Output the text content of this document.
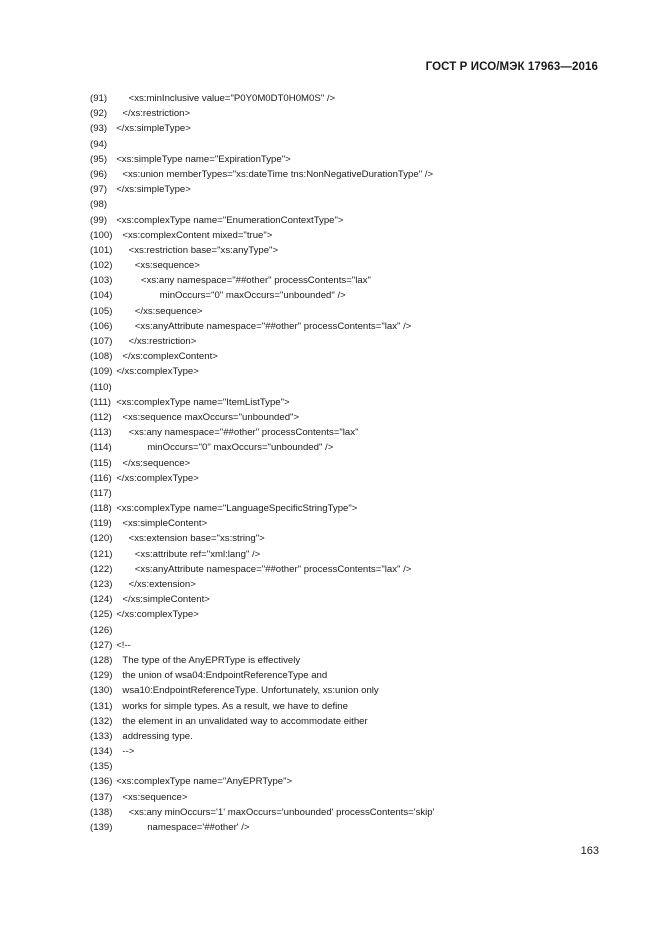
ГОСТ Р ИСО/МЭК 17963—2016
(91) <xs:minInclusive value="P0Y0M0DT0H0M0S" />
(92) </xs:restriction>
(93) </xs:simpleType>
(94)
(95) <xs:simpleType name="ExpirationType">
(96) <xs:union memberTypes="xs:dateTime tns:NonNegativeDurationType" />
(97) </xs:simpleType>
(98)
(99) <xs:complexType name="EnumerationContextType">
(100) <xs:complexContent mixed="true">
(101) <xs:restriction base="xs:anyType">
(102) <xs:sequence>
(103)	<xs:any namespace="##other" processContents="lax"
(104)	minOccurs="0" maxOccurs="unbounded" />
(105) </xs:sequence>
(106) <xs:anyAttribute namespace="##other" processContents="lax" />
(107) </xs:restriction>
(108) </xs:complexContent>
(109) </xs:complexType>
(110)
(111) <xs:complexType name="ItemListType">
(112) <xs:sequence maxOccurs="unbounded">
(113) <xs:any namespace="##other" processContents="lax"
(114)	minOccurs="0" maxOccurs="unbounded" />
(115) </xs:sequence>
(116) </xs:complexType>
(117)
(118) <xs:complexType name="LanguageSpecificStringType">
(119) <xs:simpleContent>
(120) <xs:extension base="xs:string">
(121) <xs:attribute ref="xml:lang" />
(122) <xs:anyAttribute namespace="##other" processContents="lax" />
(123) </xs:extension>
(124) </xs:simpleContent>
(125) </xs:complexType>
(126)
(127) <!--
(128) The type of the AnyEPRType is effectively
(129) the union of wsa04:EndpointReferenceType and
(130) wsa10:EndpointReferenceType. Unfortunately, xs:union only
(131) works for simple types. As a result, we have to define
(132) the element in an unvalidated way to accommodate either
(133) addressing type.
(134) -->
(135)
(136) <xs:complexType name="AnyEPRType">
(137) <xs:sequence>
(138) <xs:any minOccurs='1' maxOccurs='unbounded' processContents='skip'
(139)	namespace='##other' />
163
